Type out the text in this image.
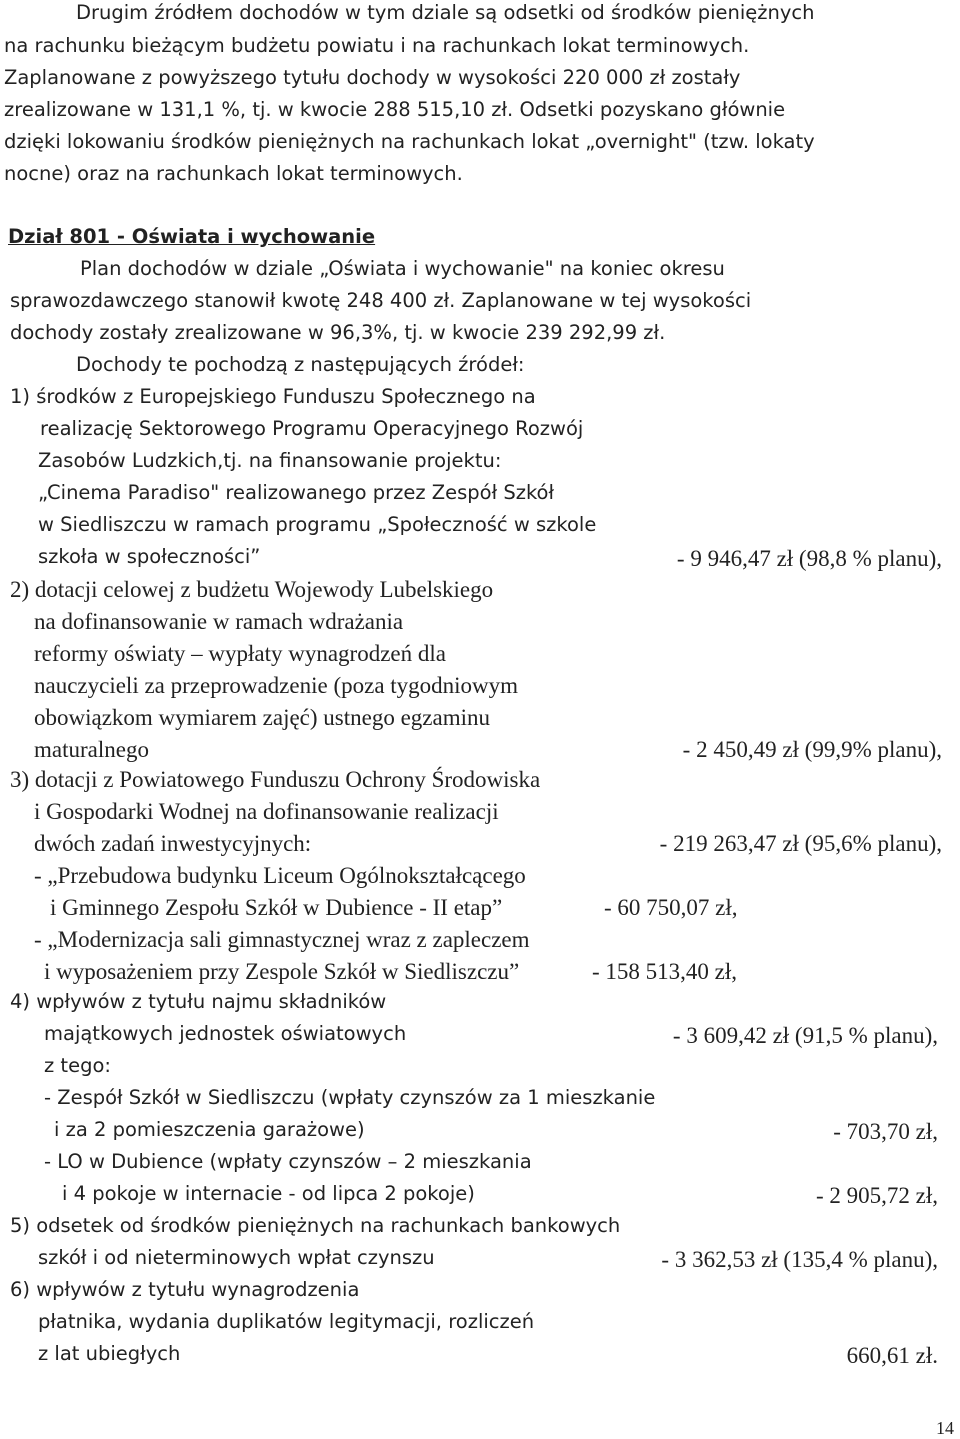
Drugim źródłem dochodów w tym dziale są odsetki od środków pieniężnych
na rachunku bieżącym budżetu powiatu i na rachunkach lokat terminowych.
Zaplanowane z powyższego tytułu dochody w wysokości 220 000 zł zostały
zrealizowane w 131,1 %, tj. w kwocie 288 515,10 zł. Odsetki pozyskano głównie
dzięki lokowaniu środków pieniężnych na rachunkach lokat „overnight" (tzw. lokaty
nocne) oraz na rachunkach lokat terminowych.
Dział 801 - Oświata i wychowanie
Plan dochodów w dziale „Oświata i wychowanie" na koniec okresu
sprawozdawczego stanowił kwotę 248 400 zł. Zaplanowane w tej wysokości
dochody zostały zrealizowane w 96,3%, tj. w kwocie 239 292,99 zł.
Dochody te pochodzą z następujących źródeł:
1) środków z Europejskiego Funduszu Społecznego na
realizację Sektorowego Programu Operacyjnego Rozwój
Zasobów Ludzkich,tj. na finansowanie projektu:
„Cinema Paradiso" realizowanego przez Zespół Szkół
w Siedliszczu w ramach programu „Społeczność w szkole
szkoła w społeczności”	- 9 946,47 zł (98,8 % planu),
2) dotacji celowej z budżetu Wojewody Lubelskiego
na dofinansowanie w ramach wdrażania
reformy oświaty – wypłaty wynagrodzeń dla
nauczycieli za przeprowadzenie (poza tygodniowym
obowiązkom wymiarem zajęć) ustnego egzaminu
maturalnego	- 2 450,49 zł (99,9% planu),
3) dotacji z Powiatowego Funduszu Ochrony Środowiska
i Gospodarki Wodnej na dofinansowanie realizacji
dwóch zadań inwestycyjnych:	- 219 263,47 zł (95,6% planu),
- „Przebudowa budynku Liceum Ogólnokształcącego
i Gminnego Zespołu Szkół w Dubience - II etap”	- 60 750,07 zł,
- „Modernizacja sali gimnastycznej wraz z zapleczem
i wyposażeniem przy Zespole Szkół w Siedliszczu”	- 158 513,40 zł,
4) wpływów z tytułu najmu składników
majątkowych jednostek oświatowych	- 3 609,42 zł (91,5 % planu),
z tego:
- Zespół Szkół w Siedliszczu (wpłaty czynszów za 1 mieszkanie
i za 2 pomieszczenia garażowe)	- 703,70 zł,
- LO w Dubience (wpłaty czynszów – 2 mieszkania
i 4 pokoje w internacie - od lipca 2 pokoje)	- 2 905,72 zł,
5) odsetek od środków pieniężnych na rachunkach bankowych
szkół i od nieterminowych wpłat czynszu	- 3 362,53 zł (135,4 % planu),
6) wpływów z tytułu wynagrodzenia
płatnika, wydania duplikatów legitymacji, rozliczeń
z lat ubiegłych	660,61 zł.
14
